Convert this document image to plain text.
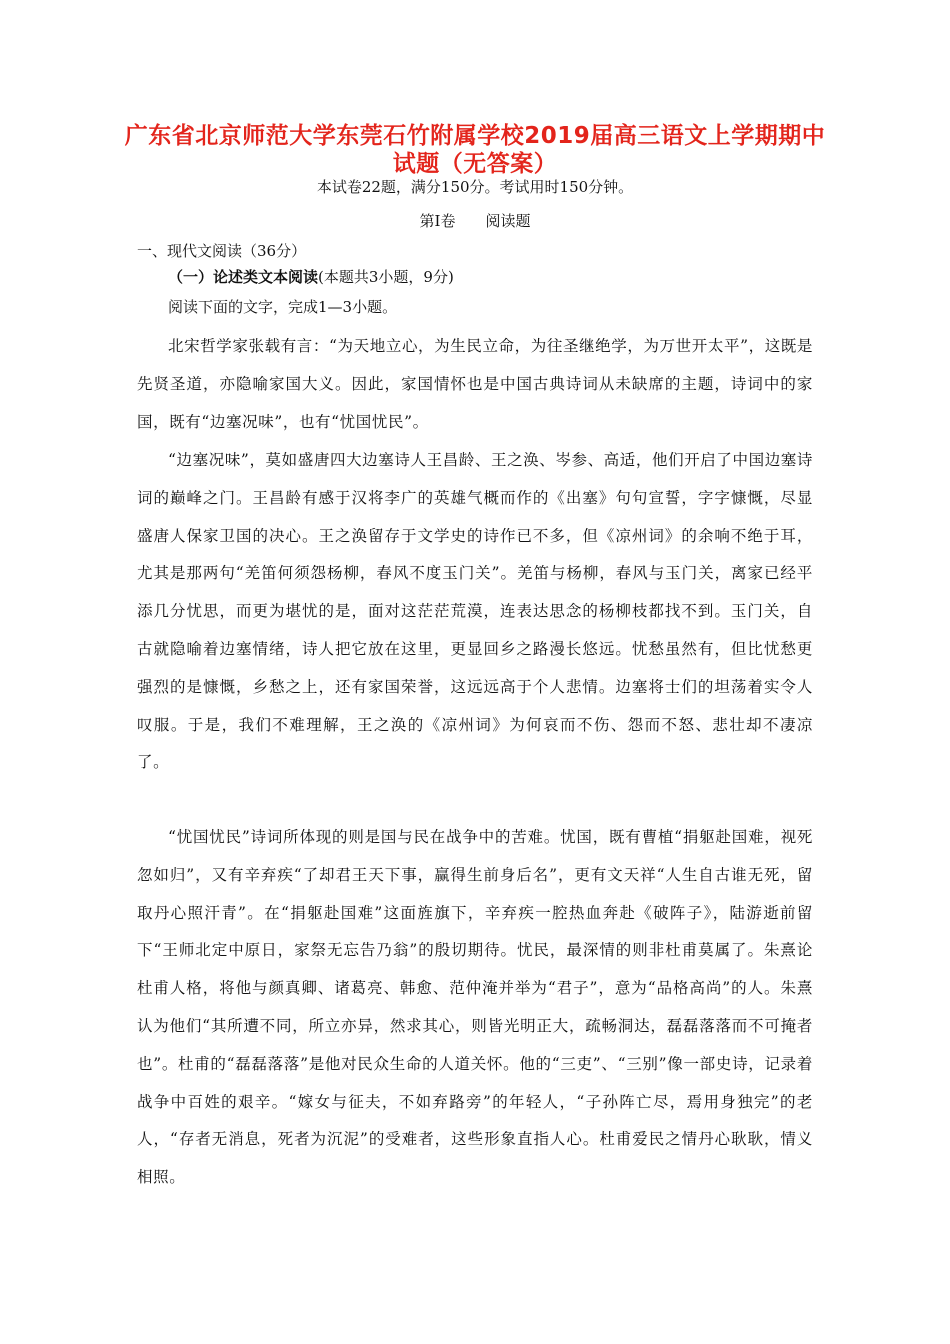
广东省北京师范大学东莞石竹附属学校2019届高三语文上学期期中
试题（无答案）
本试卷22题，满分150分。考试用时150分钟。
第I卷　　阅读题
一、现代文阅读（36分）
（一）论述类文本阅读(本题共3小题，9分)
阅读下面的文字，完成1—3小题。

北宋哲学家张载有言：“为天地立心，为生民立命，为往圣继绝学，为万世开太平”，这既是先贤圣道，亦隐喻家国大义。因此，家国情怀也是中国古典诗词从未缺席的主题，诗词中的家国，既有“边塞况味”，也有“忧国忧民”。

“边塞况味”，莫如盛唐四大边塞诗人王昌龄、王之涣、岑参、高适，他们开启了中国边塞诗词的巅峰之门。王昌龄有感于汉将李广的英雄气概而作的《出塞》句句宣誓，字字慷慨，尽显盛唐人保家卫国的决心。王之涣留存于文学史的诗作已不多，但《凉州词》的余响不绝于耳，尤其是那两句“羌笛何须怨杨柳，春风不度玉门关”。羌笛与杨柳，春风与玉门关，离家已经平添几分忧思，而更为堪忧的是，面对这茫茫荒漠，连表达思念的杨柳枝都找不到。玉门关，自古就隐喻着边塞情绪，诗人把它放在这里，更显回乡之路漫长悠远。忧愁虽然有，但比忧愁更强烈的是慷慨，乡愁之上，还有家国荣誉，这远远高于个人悲情。边塞将士们的坦荡着实令人叹服。于是，我们不难理解，王之涣的《凉州词》为何哀而不伤、怨而不怒、悲壮却不凄凉了。

“忧国忧民”诗词所体现的则是国与民在战争中的苦难。忧国，既有曹植“捐躯赴国难，视死忽如归”，又有辛弃疾“了却君王天下事，赢得生前身后名”，更有文天祥“人生自古谁无死，留取丹心照汗青”。在“捐躯赴国难”这面旌旗下，辛弃疾一腔热血奔赴《破阵子》，陆游逝前留下“王师北定中原日，家祭无忘告乃翁”的殷切期待。忧民，最深情的则非杜甫莫属了。朱熹论杜甫人格，将他与颜真卿、诸葛亮、韩愈、范仲淹并举为“君子”，意为“品格高尚”的人。朱熹认为他们“其所遭不同，所立亦异，然求其心，则皆光明正大，疏畅洞达，磊磊落落而不可掩者也”。杜甫的“磊磊落落”是他对民众生命的人道关怀。他的“三吏”、“三别”像一部史诗，记录着战争中百姓的艰辛。“嫁女与征夫，不如弃路旁”的年轻人，“子孙阵亡尽，焉用身独完”的老人，“存者无消息，死者为沉泥”的受难者，这些形象直指人心。杜甫爱民之情丹心耿耿，情义相照。
